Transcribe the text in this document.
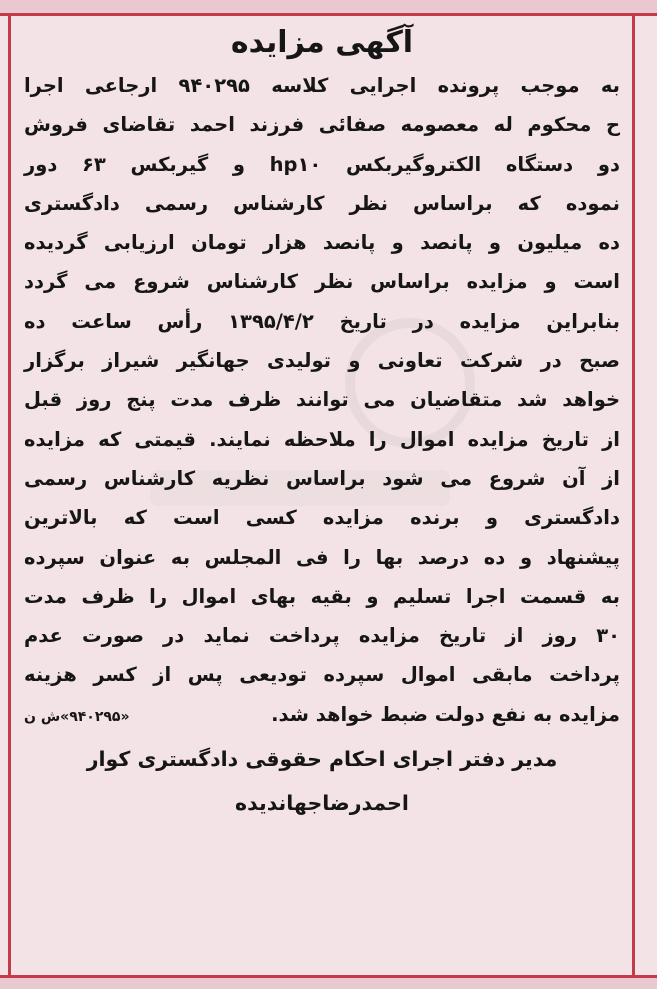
آگهی مزایده

به موجب پرونده اجرایی کلاسه ۹۴۰۲۹۵ ارجاعی اجرا

ح محکوم له معصومه صفائی فرزند احمد تقاضای فروش

دو دستگاه الکتروگیربکس hp۱۰ و گیربکس ۶۳ دور

نموده که براساس نظر کارشناس رسمی دادگستری

ده میلیون و پانصد و پانصد هزار تومان ارزیابی گردیده

است و مزایده براساس نظر کارشناس شروع می گردد

بنابراین مزایده در تاریخ ۱۳۹۵/۴/۲ رأس ساعت ده

صبح در شرکت تعاونی و تولیدی جهانگیر شیراز برگزار

خواهد شد متقاضیان می توانند ظرف مدت پنج روز قبل

از تاریخ مزایده اموال را ملاحظه نمایند. قیمتی که مزایده

از آن شروع می شود براساس نظریه کارشناس رسمی

دادگستری و برنده مزایده کسی است که بالاترین

پیشنهاد و ده درصد بها را فی المجلس به عنوان سپرده

به قسمت اجرا تسلیم و بقیه بهای اموال را ظرف مدت

۳۰ روز از تاریخ مزایده پرداخت نماید در صورت عدم

پرداخت مابقی اموال سپرده تودیعی پس از کسر هزینه

مزایده به نفع دولت ضبط خواهد شد.
«۹۴۰۲۹۵»ش ن

مدیر دفتر اجرای احکام حقوقی دادگستری کوار

احمدرضاجهاندیده
